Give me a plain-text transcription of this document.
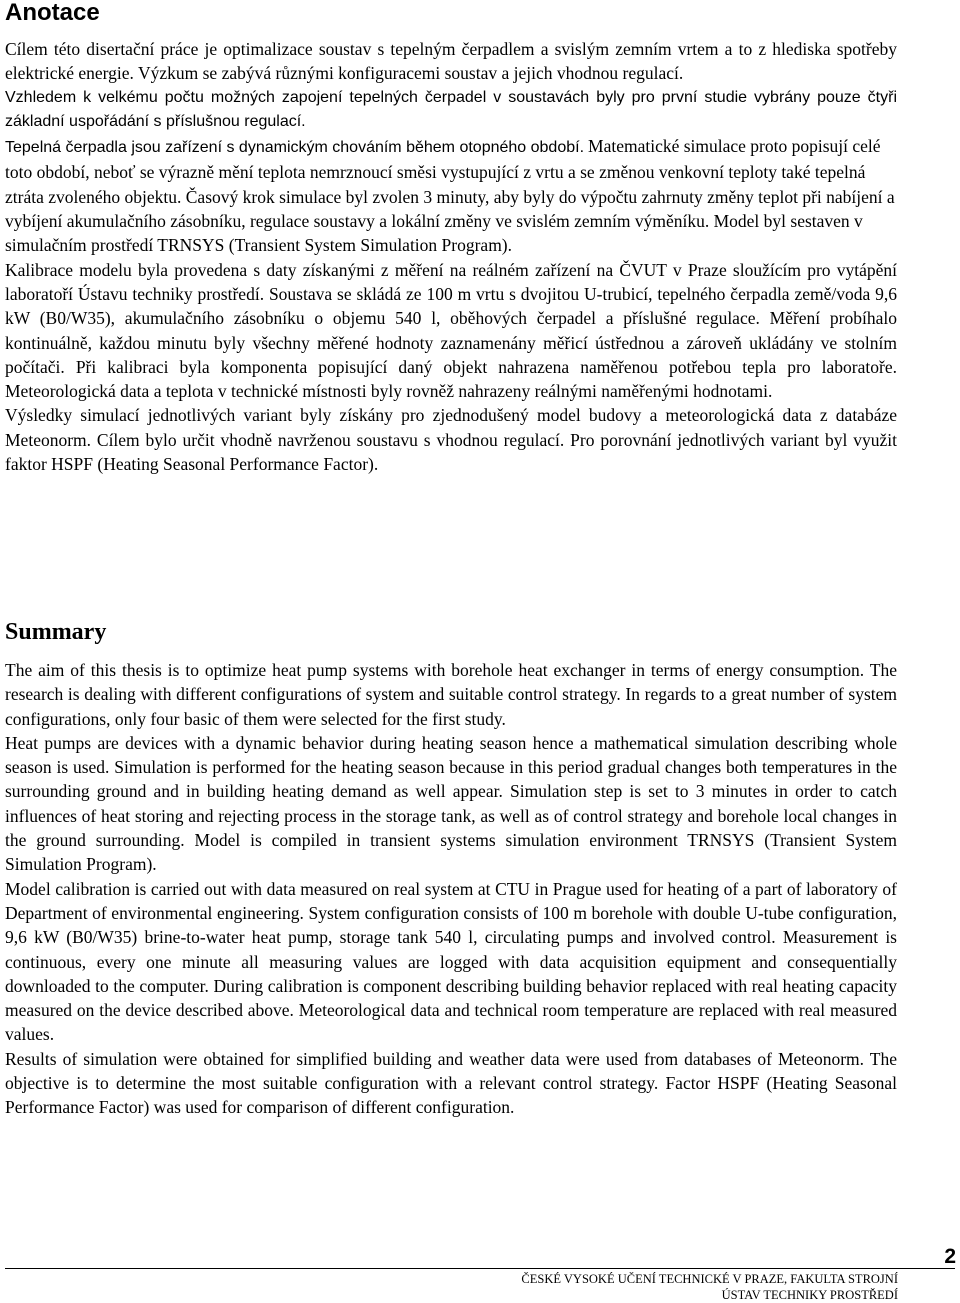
Anotace

Cílem této disertační práce je optimalizace soustav s tepelným čerpadlem a svislým zemním vrtem a to z hlediska spotřeby elektrické energie. Výzkum se zabývá různými konfiguracemi soustav a jejich vhodnou regulací.

Vzhledem k velkému počtu možných zapojení tepelných čerpadel v soustavách byly pro první studie vybrány pouze čtyři základní uspořádání s příslušnou regulací.

Tepelná čerpadla jsou zařízení s dynamickým chováním během otopného období.

Matematické simulace proto popisují celé toto období, neboť se výrazně mění teplota nemrznoucí směsi vystupující z vrtu a se změnou venkovní teploty také tepelná ztráta zvoleného objektu. Časový krok simulace byl zvolen 3 minuty, aby byly do výpočtu zahrnuty změny teplot při nabíjení a vybíjení akumulačního zásobníku, regulace soustavy a lokální změny ve svislém zemním výměníku. Model byl sestaven v simulačním prostředí TRNSYS (Transient System Simulation Program).

Kalibrace modelu byla provedena s daty získanými z měření na reálném zařízení na ČVUT v Praze sloužícím pro vytápění laboratoří Ústavu techniky prostředí. Soustava se skládá ze 100 m vrtu s dvojitou U-trubicí, tepelného čerpadla země/voda 9,6 kW (B0/W35), akumulačního zásobníku o objemu 540 l, oběhových čerpadel a příslušné regulace. Měření probíhalo kontinuálně, každou minutu byly všechny měřené hodnoty zaznamenány měřicí ústřednou a zároveň ukládány ve stolním počítači. Při kalibraci byla komponenta popisující daný objekt nahrazena naměřenou potřebou tepla pro laboratoře. Meteorologická data a teplota v technické místnosti byly rovněž nahrazeny reálnými naměřenými hodnotami.

Výsledky simulací jednotlivých variant byly získány pro zjednodušený model budovy a meteorologická data z databáze Meteonorm. Cílem bylo určit vhodně navrženou soustavu s vhodnou regulací. Pro porovnání jednotlivých variant byl využit faktor HSPF (Heating Seasonal Performance Factor).

Summary

The aim of this thesis is to optimize heat pump systems with borehole heat exchanger in terms of energy consumption. The research is dealing with different configurations of system and suitable control strategy. In regards to a great number of system configurations, only four basic of them were selected for the first study.

Heat pumps are devices with a dynamic behavior during heating season hence a mathematical simulation describing whole season is used. Simulation is performed for the heating season because in this period gradual changes both temperatures in the surrounding ground and in building heating demand as well appear. Simulation step is set to 3 minutes in order to catch influences of heat storing and rejecting process in the storage tank, as well as of control strategy and borehole local changes in the ground surrounding. Model is compiled in transient systems simulation environment TRNSYS (Transient System Simulation Program).

Model calibration is carried out with data measured on real system at CTU in Prague used for heating of a part of laboratory of Department of environmental engineering. System configuration consists of 100 m borehole with double U-tube configuration, 9,6 kW (B0/W35) brine-to-water heat pump, storage tank 540 l, circulating pumps and involved control. Measurement is continuous, every one minute all measuring values are logged with data acquisition equipment and consequentially downloaded to the computer. During calibration is component describing building behavior replaced with real heating capacity measured on the device described above. Meteorological data and technical room temperature are replaced with real measured values.

Results of simulation were obtained for simplified building and weather data were used from databases of Meteonorm. The objective is to determine the most suitable configuration with a relevant control strategy. Factor HSPF (Heating Seasonal Performance Factor) was used for comparison of different configuration.

2
ČESKÉ VYSOKÉ UČENÍ TECHNICKÉ V PRAZE, FAKULTA STROJNÍ
ÚSTAV TECHNIKY PROSTŘEDÍ
